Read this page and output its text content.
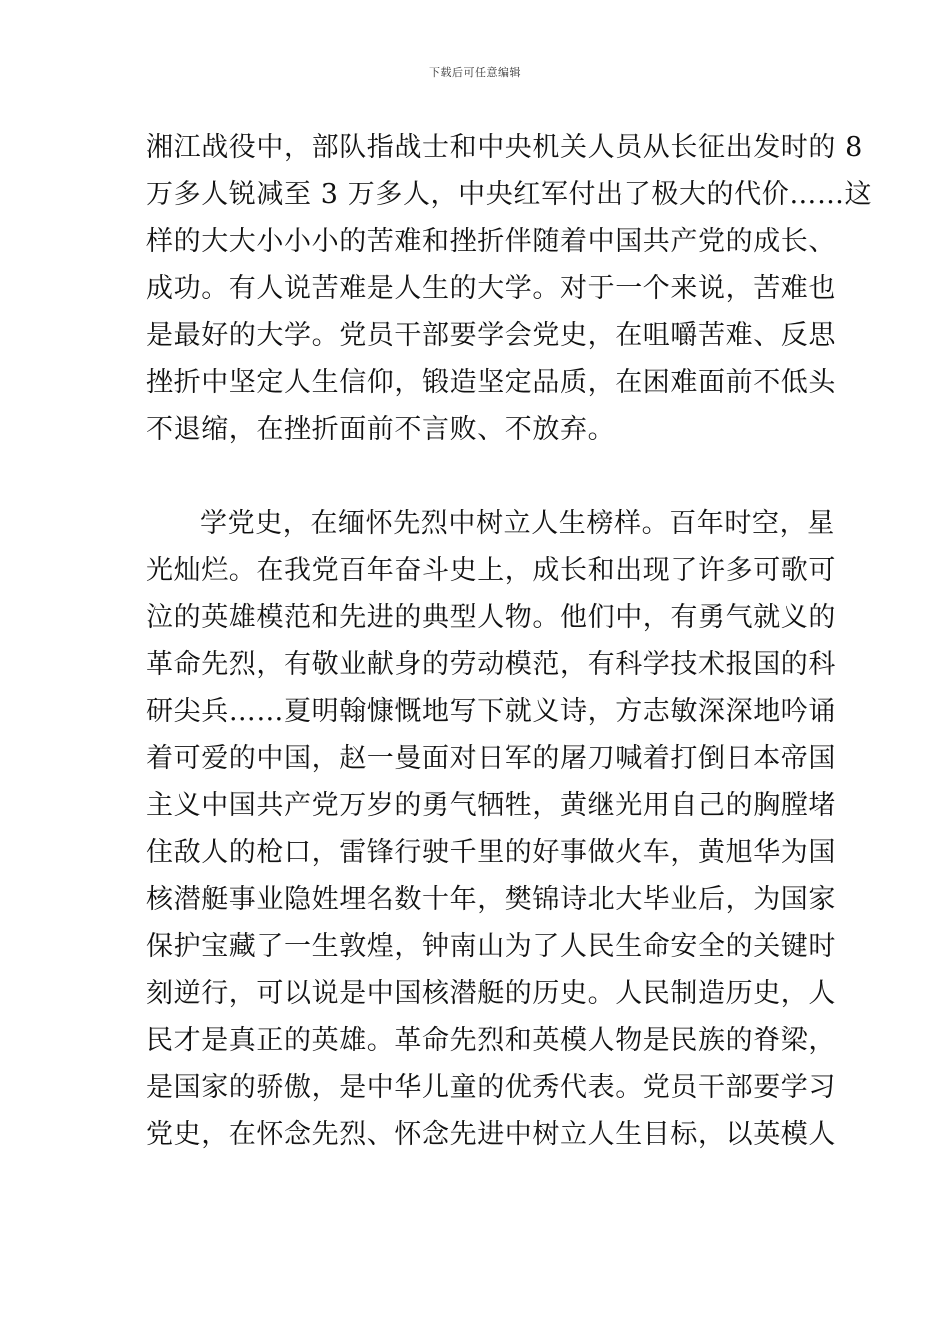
下载后可任意编辑
湘江战役中，部队指战士和中央机关人员从长征出发时的 8
万多人锐减至 3 万多人，中央红军付出了极大的代价……这
样的大大小小小的苦难和挫折伴随着中国共产党的成长、
成功。有人说苦难是人生的大学。对于一个来说，苦难也
是最好的大学。党员干部要学会党史，在咀嚼苦难、反思
挫折中坚定人生信仰，锻造坚定品质，在困难面前不低头
不退缩，在挫折面前不言败、不放弃。
学党史，在缅怀先烈中树立人生榜样。百年时空，星
光灿烂。在我党百年奋斗史上，成长和出现了许多可歌可
泣的英雄模范和先进的典型人物。他们中，有勇气就义的
革命先烈，有敬业献身的劳动模范，有科学技术报国的科
研尖兵……夏明翰慷慨地写下就义诗，方志敏深深地吟诵
着可爱的中国，赵一曼面对日军的屠刀喊着打倒日本帝国
主义中国共产党万岁的勇气牺牲，黄继光用自己的胸膛堵
住敌人的枪口，雷锋行驶千里的好事做火车，黄旭华为国
核潜艇事业隐姓埋名数十年，樊锦诗北大毕业后，为国家
保护宝藏了一生敦煌，钟南山为了人民生命安全的关键时
刻逆行，可以说是中国核潜艇的历史。人民制造历史，人
民才是真正的英雄。革命先烈和英模人物是民族的脊梁，
是国家的骄傲，是中华儿童的优秀代表。党员干部要学习
党史，在怀念先烈、怀念先进中树立人生目标，以英模人
